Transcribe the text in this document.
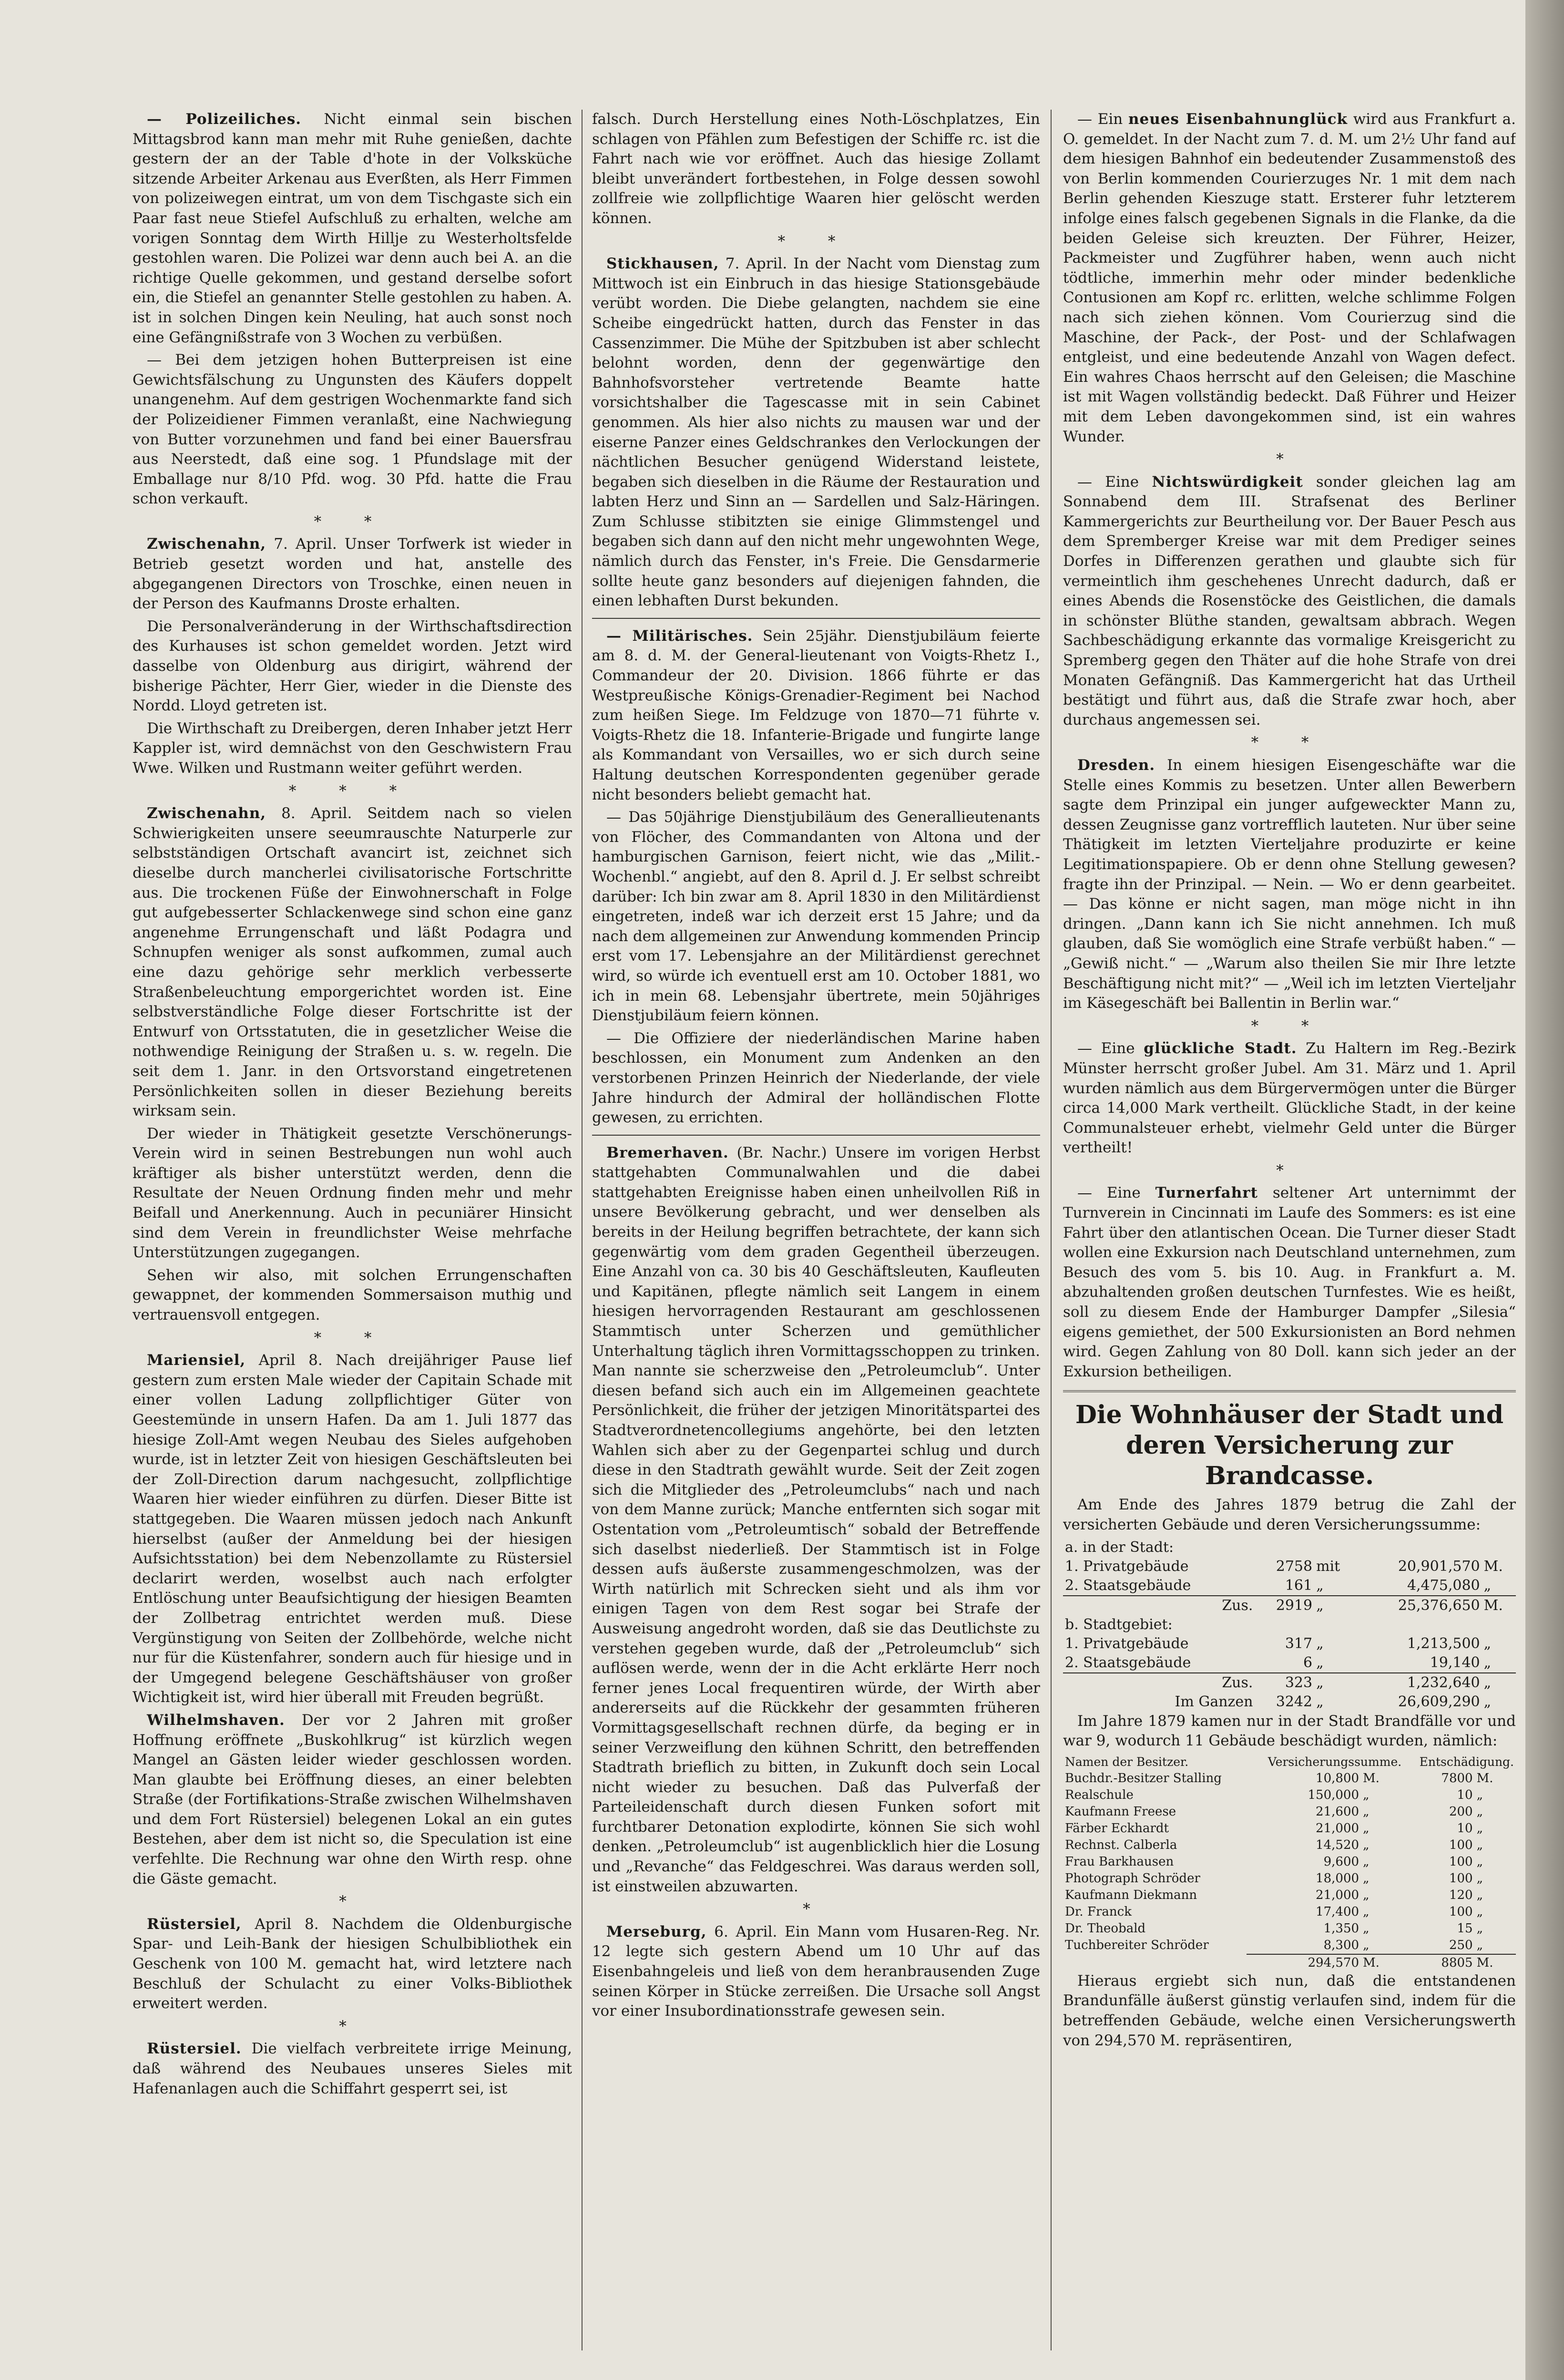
— Polizeiliches. Nicht einmal sein bischen Mittagsbrod kann man mehr mit Ruhe genießen, dachte gestern der an der Table d'hote in der Volksküche sitzende Arbeiter Arkenau aus Everßten, als Herr Fimmen von polizeiwegen eintrat, um von dem Tischgaste sich ein Paar fast neue Stiefel Aufschluß zu erhalten, welche am vorigen Sonntag dem Wirth Hillje zu Westerholtsfelde gestohlen waren. Die Polizei war denn auch bei A. an die richtige Quelle gekommen, und gestand derselbe sofort ein, die Stiefel an genannter Stelle gestohlen zu haben. A. ist in solchen Dingen kein Neuling, hat auch sonst noch eine Gefängnißstrafe von 3 Wochen zu verbüßen.

— Bei dem jetzigen hohen Butterpreisen ist eine Gewichtsfälschung zu Ungunsten des Käufers doppelt unangenehm. Auf dem gestrigen Wochenmarkte fand sich der Polizeidiener Fimmen veranlaßt, eine Nachwiegung von Butter vorzunehmen und fand bei einer Bauersfrau aus Neerstedt, daß eine sog. 1 Pfundslage mit der Emballage nur 8/10 Pfd. wog. 30 Pfd. hatte die Frau schon verkauft.

* *

Zwischenahn, 7. April. Unser Torfwerk ist wieder in Betrieb gesetzt worden und hat, anstelle des abgegangenen Directors von Troschke, einen neuen in der Person des Kaufmanns Droste erhalten.

Die Personalveränderung in der Wirthschaftsdirection des Kurhauses ist schon gemeldet worden. Jetzt wird dasselbe von Oldenburg aus dirigirt, während der bisherige Pächter, Herr Gier, wieder in die Dienste des Nordd. Lloyd getreten ist.

Die Wirthschaft zu Dreibergen, deren Inhaber jetzt Herr Kappler ist, wird demnächst von den Geschwistern Frau Wwe. Wilken und Rustmann weiter geführt werden.

* * *

Zwischenahn, 8. April. Seitdem nach so vielen Schwierigkeiten unsere seeumrauschte Naturperle zur selbstständigen Ortschaft avancirt ist, zeichnet sich dieselbe durch mancherlei civilisatorische Fortschritte aus. Die trockenen Füße der Einwohnerschaft in Folge gut aufgebesserter Schlackenwege sind schon eine ganz angenehme Errungenschaft und läßt Podagra und Schnupfen weniger als sonst aufkommen, zumal auch eine dazu gehörige sehr merklich verbesserte Straßenbeleuchtung emporgerichtet worden ist. Eine selbstverständliche Folge dieser Fortschritte ist der Entwurf von Ortsstatuten, die in gesetzlicher Weise die nothwendige Reinigung der Straßen u. s. w. regeln. Die seit dem 1. Janr. in den Ortsvorstand eingetretenen Persönlichkeiten sollen in dieser Beziehung bereits wirksam sein.

Der wieder in Thätigkeit gesetzte Verschönerungs-Verein wird in seinen Bestrebungen nun wohl auch kräftiger als bisher unterstützt werden, denn die Resultate der Neuen Ordnung finden mehr und mehr Beifall und Anerkennung. Auch in pecuniärer Hinsicht sind dem Verein in freundlichster Weise mehrfache Unterstützungen zugegangen.

Sehen wir also, mit solchen Errungenschaften gewappnet, der kommenden Sommersaison muthig und vertrauensvoll entgegen.

* *

Mariensiel, April 8. Nach dreijähriger Pause lief gestern zum ersten Male wieder der Capitain Schade mit einer vollen Ladung zollpflichtiger Güter von Geestemünde in unsern Hafen. Da am 1. Juli 1877 das hiesige Zoll-Amt wegen Neubau des Sieles aufgehoben wurde, ist in letzter Zeit von hiesigen Geschäftsleuten bei der Zoll-Direction darum nachgesucht, zollpflichtige Waaren hier wieder einführen zu dürfen. Dieser Bitte ist stattgegeben. Die Waaren müssen jedoch nach Ankunft hierselbst (außer der Anmeldung bei der hiesigen Aufsichtsstation) bei dem Nebenzollamte zu Rüstersiel declarirt werden, woselbst auch nach erfolgter Entlöschung unter Beaufsichtigung der hiesigen Beamten der Zollbetrag entrichtet werden muß. Diese Vergünstigung von Seiten der Zollbehörde, welche nicht nur für die Küstenfahrer, sondern auch für hiesige und in der Umgegend belegene Geschäftshäuser von großer Wichtigkeit ist, wird hier überall mit Freuden begrüßt.

Wilhelmshaven. Der vor 2 Jahren mit großer Hoffnung eröffnete „Buskohlkrug“ ist kürzlich wegen Mangel an Gästen leider wieder geschlossen worden. Man glaubte bei Eröffnung dieses, an einer belebten Straße (der Fortifikations-Straße zwischen Wilhelmshaven und dem Fort Rüstersiel) belegenen Lokal an ein gutes Bestehen, aber dem ist nicht so, die Speculation ist eine verfehlte. Die Rechnung war ohne den Wirth resp. ohne die Gäste gemacht.

*

Rüstersiel, April 8. Nachdem die Oldenburgische Spar- und Leih-Bank der hiesigen Schulbibliothek ein Geschenk von 100 M. gemacht hat, wird letztere nach Beschluß der Schulacht zu einer Volks-Bibliothek erweitert werden.

*

Rüstersiel. Die vielfach verbreitete irrige Meinung, daß während des Neubaues unseres Sieles mit Hafenanlagen auch die Schiffahrt gesperrt sei, ist

falsch. Durch Herstellung eines Noth-Löschplatzes, Ein schlagen von Pfählen zum Befestigen der Schiffe rc. ist die Fahrt nach wie vor eröffnet. Auch das hiesige Zollamt bleibt unverändert fortbestehen, in Folge dessen sowohl zollfreie wie zollpflichtige Waaren hier gelöscht werden können.

* *

Stickhausen, 7. April. In der Nacht vom Dienstag zum Mittwoch ist ein Einbruch in das hiesige Stationsgebäude verübt worden. Die Diebe gelangten, nachdem sie eine Scheibe eingedrückt hatten, durch das Fenster in das Cassenzimmer. Die Mühe der Spitzbuben ist aber schlecht belohnt worden, denn der gegenwärtige den Bahnhofsvorsteher vertretende Beamte hatte vorsichtshalber die Tagescasse mit in sein Cabinet genommen. Als hier also nichts zu mausen war und der eiserne Panzer eines Geldschrankes den Verlockungen der nächtlichen Besucher genügend Widerstand leistete, begaben sich dieselben in die Räume der Restauration und labten Herz und Sinn an — Sardellen und Salz-Häringen. Zum Schlusse stibitzten sie einige Glimmstengel und begaben sich dann auf den nicht mehr ungewohnten Wege, nämlich durch das Fenster, in's Freie. Die Gensdarmerie sollte heute ganz besonders auf diejenigen fahnden, die einen lebhaften Durst bekunden.

— Militärisches. Sein 25jähr. Dienstjubiläum feierte am 8. d. M. der General-lieutenant von Voigts-Rhetz I., Commandeur der 20. Division. 1866 führte er das Westpreußische Königs-Grenadier-Regiment bei Nachod zum heißen Siege. Im Feldzuge von 1870—71 führte v. Voigts-Rhetz die 18. Infanterie-Brigade und fungirte lange als Kommandant von Versailles, wo er sich durch seine Haltung deutschen Korrespondenten gegenüber gerade nicht besonders beliebt gemacht hat.

— Das 50jährige Dienstjubiläum des Generallieutenants von Flöcher, des Commandanten von Altona und der hamburgischen Garnison, feiert nicht, wie das „Milit.-Wochenbl.“ angiebt, auf den 8. April d. J. Er selbst schreibt darüber: Ich bin zwar am 8. April 1830 in den Militärdienst eingetreten, indeß war ich derzeit erst 15 Jahre; und da nach dem allgemeinen zur Anwendung kommenden Princip erst vom 17. Lebensjahre an der Militärdienst gerechnet wird, so würde ich eventuell erst am 10. October 1881, wo ich in mein 68. Lebensjahr übertrete, mein 50jähriges Dienstjubiläum feiern können.

— Die Offiziere der niederländischen Marine haben beschlossen, ein Monument zum Andenken an den verstorbenen Prinzen Heinrich der Niederlande, der viele Jahre hindurch der Admiral der holländischen Flotte gewesen, zu errichten.

Bremerhaven. (Br. Nachr.) Unsere im vorigen Herbst stattgehabten Communalwahlen und die dabei stattgehabten Ereignisse haben einen unheilvollen Riß in unsere Bevölkerung gebracht, und wer denselben als bereits in der Heilung begriffen betrachtete, der kann sich gegenwärtig vom dem graden Gegentheil überzeugen. Eine Anzahl von ca. 30 bis 40 Geschäftsleuten, Kaufleuten und Kapitänen, pflegte nämlich seit Langem in einem hiesigen hervorragenden Restaurant am geschlossenen Stammtisch unter Scherzen und gemüthlicher Unterhaltung täglich ihren Vormittagsschoppen zu trinken. Man nannte sie scherzweise den „Petroleumclub“. Unter diesen befand sich auch ein im Allgemeinen geachtete Persönlichkeit, die früher der jetzigen Minoritätspartei des Stadtverordnetencollegiums angehörte, bei den letzten Wahlen sich aber zu der Gegenpartei schlug und durch diese in den Stadtrath gewählt wurde. Seit der Zeit zogen sich die Mitglieder des „Petroleumclubs“ nach und nach von dem Manne zurück; Manche entfernten sich sogar mit Ostentation vom „Petroleumtisch“ sobald der Betreffende sich daselbst niederließ. Der Stammtisch ist in Folge dessen aufs äußerste zusammengeschmolzen, was der Wirth natürlich mit Schrecken sieht und als ihm vor einigen Tagen von dem Rest sogar bei Strafe der Ausweisung angedroht worden, daß sie das Deutlichste zu verstehen gegeben wurde, daß der „Petroleumclub“ sich auflösen werde, wenn der in die Acht erklärte Herr noch ferner jenes Local frequentiren würde, der Wirth aber andererseits auf die Rückkehr der gesammten früheren Vormittagsgesellschaft rechnen dürfe, da beging er in seiner Verzweiflung den kühnen Schritt, den betreffenden Stadtrath brieflich zu bitten, in Zukunft doch sein Local nicht wieder zu besuchen. Daß das Pulverfaß der Parteileidenschaft durch diesen Funken sofort mit furchtbarer Detonation explodirte, können Sie sich wohl denken. „Petroleumclub“ ist augenblicklich hier die Losung und „Revanche“ das Feldgeschrei. Was daraus werden soll, ist einstweilen abzuwarten.

*

Merseburg, 6. April. Ein Mann vom Husaren-Reg. Nr. 12 legte sich gestern Abend um 10 Uhr auf das Eisenbahngeleis und ließ von dem heranbrausenden Zuge seinen Körper in Stücke zerreißen. Die Ursache soll Angst vor einer Insubordinationsstrafe gewesen sein.

— Ein neues Eisenbahnunglück wird aus Frankfurt a. O. gemeldet. In der Nacht zum 7. d. M. um 2½ Uhr fand auf dem hiesigen Bahnhof ein bedeutender Zusammenstoß des von Berlin kommenden Courierzuges Nr. 1 mit dem nach Berlin gehenden Kieszuge statt. Ersterer fuhr letzterem infolge eines falsch gegebenen Signals in die Flanke, da die beiden Geleise sich kreuzten. Der Führer, Heizer, Packmeister und Zugführer haben, wenn auch nicht tödtliche, immerhin mehr oder minder bedenkliche Contusionen am Kopf rc. erlitten, welche schlimme Folgen nach sich ziehen können. Vom Courierzug sind die Maschine, der Pack-, der Post- und der Schlafwagen entgleist, und eine bedeutende Anzahl von Wagen defect. Ein wahres Chaos herrscht auf den Geleisen; die Maschine ist mit Wagen vollständig bedeckt. Daß Führer und Heizer mit dem Leben davongekommen sind, ist ein wahres Wunder.

*

— Eine Nichtswürdigkeit sonder gleichen lag am Sonnabend dem III. Strafsenat des Berliner Kammergerichts zur Beurtheilung vor. Der Bauer Pesch aus dem Spremberger Kreise war mit dem Prediger seines Dorfes in Differenzen gerathen und glaubte sich für vermeintlich ihm geschehenes Unrecht dadurch, daß er eines Abends die Rosenstöcke des Geistlichen, die damals in schönster Blüthe standen, gewaltsam abbrach. Wegen Sachbeschädigung erkannte das vormalige Kreisgericht zu Spremberg gegen den Thäter auf die hohe Strafe von drei Monaten Gefängniß. Das Kammergericht hat das Urtheil bestätigt und führt aus, daß die Strafe zwar hoch, aber durchaus angemessen sei.

* *

Dresden. In einem hiesigen Eisengeschäfte war die Stelle eines Kommis zu besetzen. Unter allen Bewerbern sagte dem Prinzipal ein junger aufgeweckter Mann zu, dessen Zeugnisse ganz vortrefflich lauteten. Nur über seine Thätigkeit im letzten Vierteljahre produzirte er keine Legitimationspapiere. Ob er denn ohne Stellung gewesen? fragte ihn der Prinzipal. — Nein. — Wo er denn gearbeitet. — Das könne er nicht sagen, man möge nicht in ihn dringen. „Dann kann ich Sie nicht annehmen. Ich muß glauben, daß Sie womöglich eine Strafe verbüßt haben.“ — „Gewiß nicht.“ — „Warum also theilen Sie mir Ihre letzte Beschäftigung nicht mit?“ — „Weil ich im letzten Vierteljahr im Käsegeschäft bei Ballentin in Berlin war.“

* *

— Eine glückliche Stadt. Zu Haltern im Reg.-Bezirk Münster herrscht großer Jubel. Am 31. März und 1. April wurden nämlich aus dem Bürgervermögen unter die Bürger circa 14,000 Mark vertheilt. Glückliche Stadt, in der keine Communalsteuer erhebt, vielmehr Geld unter die Bürger vertheilt!

*

— Eine Turnerfahrt seltener Art unternimmt der Turnverein in Cincinnati im Laufe des Sommers: es ist eine Fahrt über den atlantischen Ocean. Die Turner dieser Stadt wollen eine Exkursion nach Deutschland unternehmen, zum Besuch des vom 5. bis 10. Aug. in Frankfurt a. M. abzuhaltenden großen deutschen Turnfestes. Wie es heißt, soll zu diesem Ende der Hamburger Dampfer „Silesia“ eigens gemiethet, der 500 Exkursionisten an Bord nehmen wird. Gegen Zahlung von 80 Doll. kann sich jeder an der Exkursion betheiligen.

Die Wohnhäuser der Stadt und
deren Versicherung zur Brandcasse.

Am Ende des Jahres 1879 betrug die Zahl der versicherten Gebäude und deren Versicherungssumme:

a. in der Stadt:				
1. Privatgebäude	2758	mit	20,901,570	M.
2. Staatsgebäude	161	„	4,475,080	„
Zus.	2919	„	25,376,650	M.
b. Stadtgebiet:				
1. Privatgebäude	317	„	1,213,500	„
2. Staatsgebäude	6	„	19,140	„
Zus.	323	„	1,232,640	„
Im Ganzen	3242	„	26,609,290	„

Im Jahre 1879 kamen nur in der Stadt Brandfälle vor und war 9, wodurch 11 Gebäude beschädigt wurden, nämlich:

Namen der Besitzer.	Versicherungssumme.		Entschädigung.	
Buchdr.-Besitzer Stalling	10,800	M.	7800	M.
Realschule	150,000	„	10	„
Kaufmann Freese	21,600	„	200	„
Färber Eckhardt	21,000	„	10	„
Rechnst. Calberla	14,520	„	100	„
Frau Barkhausen	9,600	„	100	„
Photograph Schröder	18,000	„	100	„
Kaufmann Diekmann	21,000	„	120	„
Dr. Franck	17,400	„	100	„
Dr. Theobald	1,350	„	15	„
Tuchbereiter Schröder	8,300	„	250	„
	294,570	M.	8805	M.

Hieraus ergiebt sich nun, daß die entstandenen Brandunfälle äußerst günstig verlaufen sind, indem für die betreffenden Gebäude, welche einen Versicherungswerth von 294,570 M. repräsentiren,
